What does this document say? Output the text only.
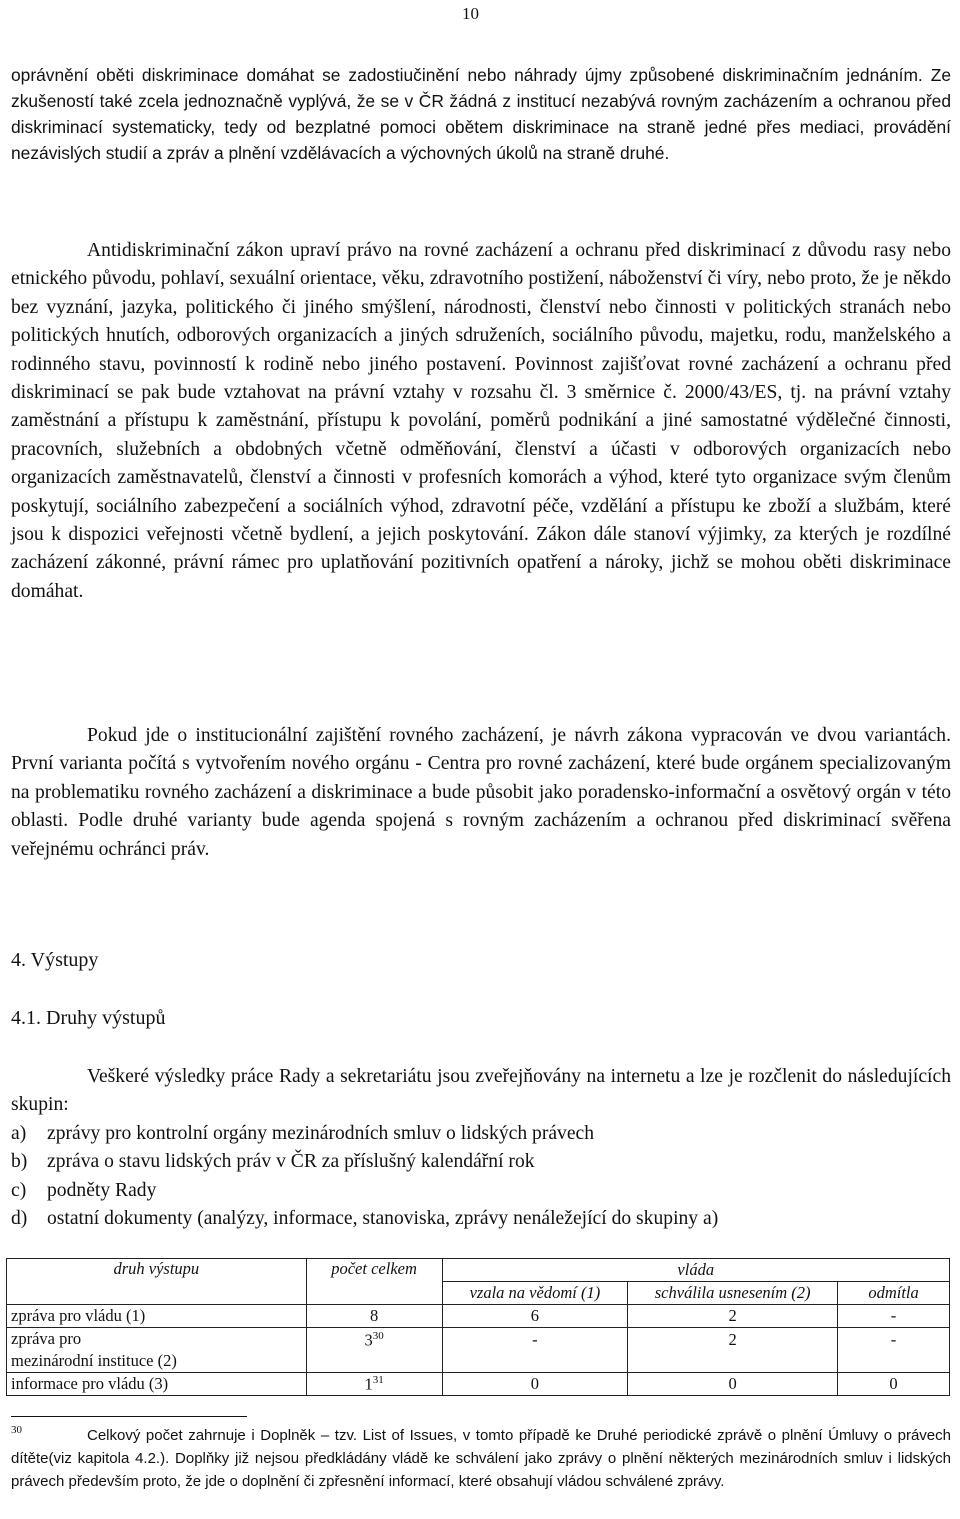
10

oprávnění oběti diskriminace domáhat se zadostiučinění nebo náhrady újmy způsobené diskriminačním jednáním. Ze zkušeností také zcela jednoznačně vyplývá, že se v ČR žádná z institucí nezabývá rovným zacházením a ochranou před diskriminací systematicky, tedy od bezplatné pomoci obětem diskriminace na straně jedné přes mediaci, provádění nezávislých studií a zpráv a plnění vzdělávacích a výchovných úkolů na straně druhé.

Antidiskriminační zákon upraví právo na rovné zacházení a ochranu před diskriminací z důvodu rasy nebo etnického původu, pohlaví, sexuální orientace, věku, zdravotního postižení, náboženství či víry, nebo proto, že je někdo bez vyznání, jazyka, politického či jiného smýšlení, národnosti, členství nebo činnosti v politických stranách nebo politických hnutích, odborových organizacích a jiných sdruženích, sociálního původu, majetku, rodu, manželského a rodinného stavu, povinností k rodině nebo jiného postavení. Povinnost zajišťovat rovné zacházení a ochranu před diskriminací se pak bude vztahovat na právní vztahy v rozsahu čl. 3 směrnice č. 2000/43/ES, tj. na právní vztahy zaměstnání a přístupu k zaměstnání, přístupu k povolání, poměrů podnikání a jiné samostatné výdělečné činnosti, pracovních, služebních a obdobných včetně odměňování, členství a účasti v odborových organizacích nebo organizacích zaměstnavatelů, členství a činnosti v profesních komorách a výhod, které tyto organizace svým členům poskytují, sociálního zabezpečení a sociálních výhod, zdravotní péče, vzdělání a přístupu ke zboží a službám, které jsou k dispozici veřejnosti včetně bydlení, a jejich poskytování. Zákon dále stanoví výjimky, za kterých je rozdílné zacházení zákonné, právní rámec pro uplatňování pozitivních opatření a nároky, jichž se mohou oběti diskriminace domáhat.

Pokud jde o institucionální zajištění rovného zacházení, je návrh zákona vypracován ve dvou variantách. První varianta počítá s vytvořením nového orgánu - Centra pro rovné zacházení, které bude orgánem specializovaným na problematiku rovného zacházení a diskriminace a bude působit jako poradensko-informační a osvětový orgán v této oblasti. Podle druhé varianty bude agenda spojená s rovným zacházením a ochranou před diskriminací svěřena veřejnému ochránci práv.

4. Výstupy
4.1. Druhy výstupů

Veškeré výsledky práce Rady a sekretariátu jsou zveřejňovány na internetu a lze je rozčlenit do následujících skupin:

a) zprávy pro kontrolní orgány mezinárodních smluv o lidských právech
b) zpráva o stavu lidských práv v ČR za příslušný kalendářní rok
c) podněty Rady
d) ostatní dokumenty (analýzy, informace, stanoviska, zprávy nenáležející do skupiny a)
druh výstupu	počet celkem	vláda		
		vzala na vědomí (1)	schválila usnesením (2)	odmítla
zpráva pro vládu (1)	8	6	2	-
zpráva pro
mezinárodní instituce (2)	$3^{30}$	-	2	-
informace pro vládu (3)	$1^{31}$	0	0	0
30	Celkový počet zahrnuje i Doplněk – tzv. List of Issues, v tomto případě ke Druhé periodické zprávě o plnění Úmluvy o právech dítěte(viz kapitola 4.2.). Doplňky již nejsou předkládány vládě ke schválení jako zprávy o plnění některých mezinárodních smluv i lidských právech především proto, že jde o doplnění či zpřesnění informací, které obsahují vládou schválené zprávy.
